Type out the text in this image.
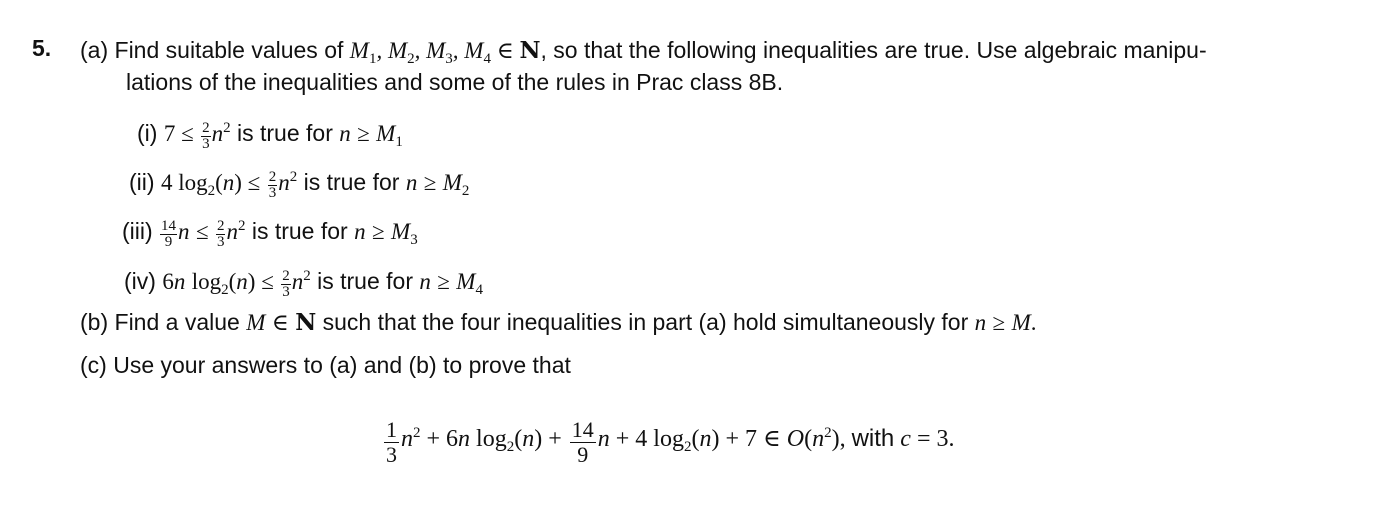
5. (a) Find suitable values of $M_1$, $M_2$, $M_3$, $M_4$ ∈ N, so that the following inequalities are true. Use algebraic manipu-
lations of the inequalities and some of the rules in Prac class 8B.
(i) $7 \le \frac{2}{3} n^2$ is true for $n \ge M_1$
(ii) 4 $\log_2(n) \le \frac{2}{3} n^2$ is true for $n \ge M_2$
$(iii) \frac{14}{9}$ $n \le \frac{2}{3} n^2$ is true for $n \ge M_3$
(iv) 6n $\log_2(n) \le \frac{2}{3} n^2$ is true for $n \ge M_4$
(b) Find a value M ∈ N such that the four inequalities in part (a) hold simultaneously for n ≥ M.
(c) Use your answers to (a) and (b) to prove that
$\frac{1}{3} n^2 + 6n$ $\log_2(n) + \frac{14}{9}$ n + 4 $\log_2(n) + 7$ ∈ $O(n^2)$, with c = 3.
